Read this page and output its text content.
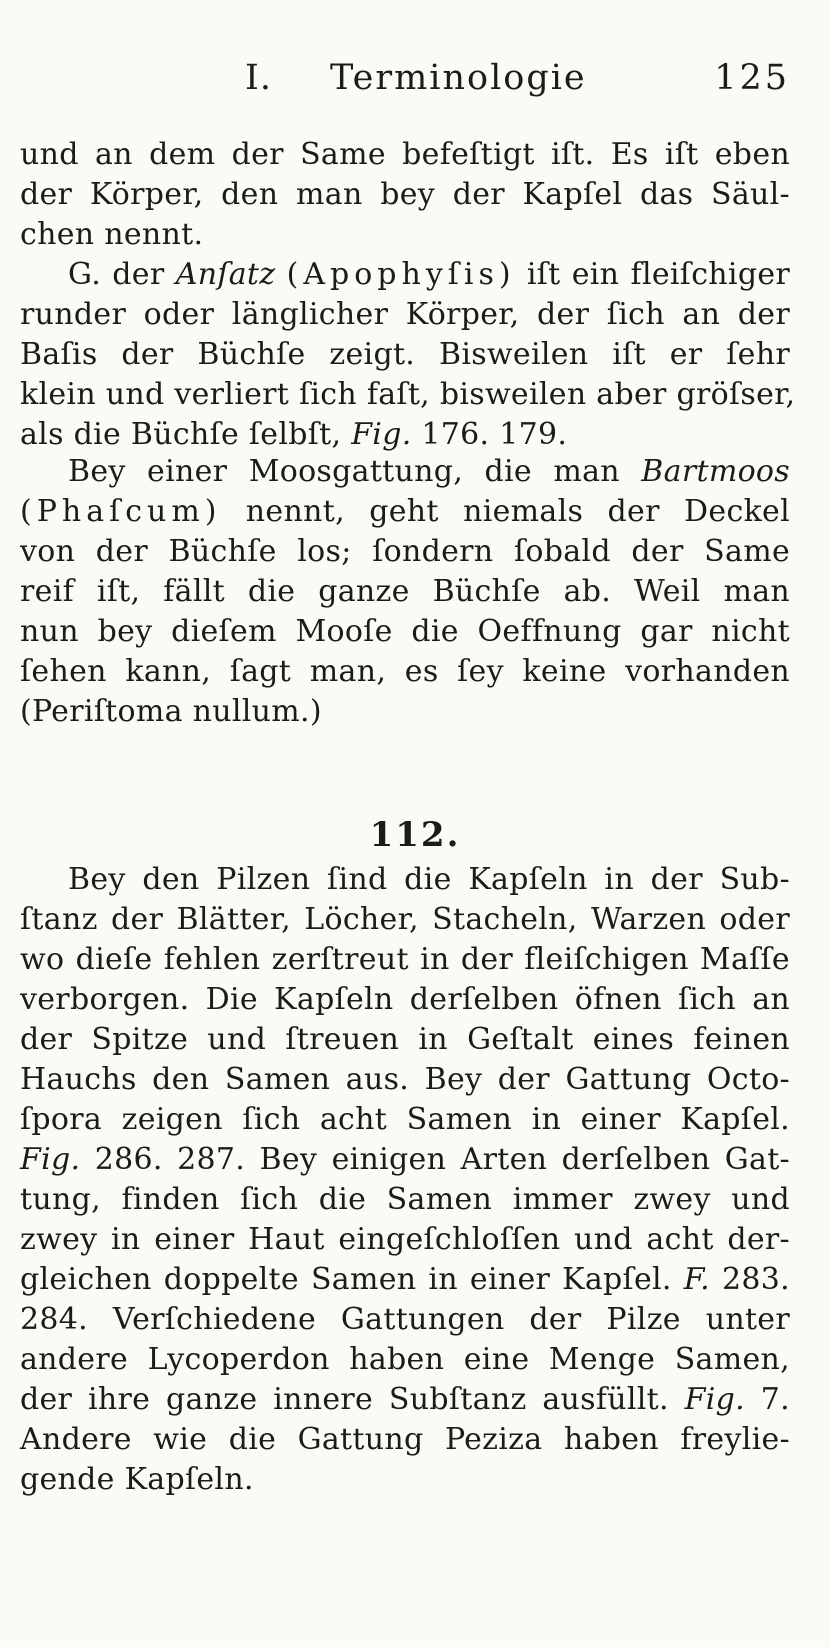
I. Terminologie	125
und an dem der Same befeſtigt iſt. Es iſt eben
der Körper, den man bey der Kapſel das Säul-
chen nennt.
G. der Anſatz (Apophyſis) iſt ein fleiſchiger
runder oder länglicher Körper, der ſich an der
Baſis der Büchſe zeigt. Bisweilen iſt er ſehr
klein und verliert ſich faſt, bisweilen aber gröſser,
als die Büchſe ſelbſt, Fig. 176. 179.
Bey einer Moosgattung, die man Bartmoos
(Phaſcum) nennt, geht niemals der Deckel
von der Büchſe los; ſondern ſobald der Same
reif iſt, fällt die ganze Büchſe ab. Weil man
nun bey dieſem Mooſe die Oeffnung gar nicht
ſehen kann, ſagt man, es ſey keine vorhanden
(Periſtoma nullum.)
112.
Bey den Pilzen ſind die Kapſeln in der Sub-
ſtanz der Blätter, Löcher, Stacheln, Warzen oder
wo dieſe fehlen zerſtreut in der fleiſchigen Maſſe
verborgen. Die Kapſeln derſelben öfnen ſich an
der Spitze und ſtreuen in Geſtalt eines feinen
Hauchs den Samen aus. Bey der Gattung Octo-
ſpora zeigen ſich acht Samen in einer Kapſel.
Fig. 286. 287. Bey einigen Arten derſelben Gat-
tung, finden ſich die Samen immer zwey und
zwey in einer Haut eingeſchloſſen und acht der-
gleichen doppelte Samen in einer Kapſel. F. 283.
284. Verſchiedene Gattungen der Pilze unter
andere Lycoperdon haben eine Menge Samen,
der ihre ganze innere Subſtanz ausfüllt. Fig. 7.
Andere wie die Gattung Peziza haben freylie-
gende Kapſeln.
